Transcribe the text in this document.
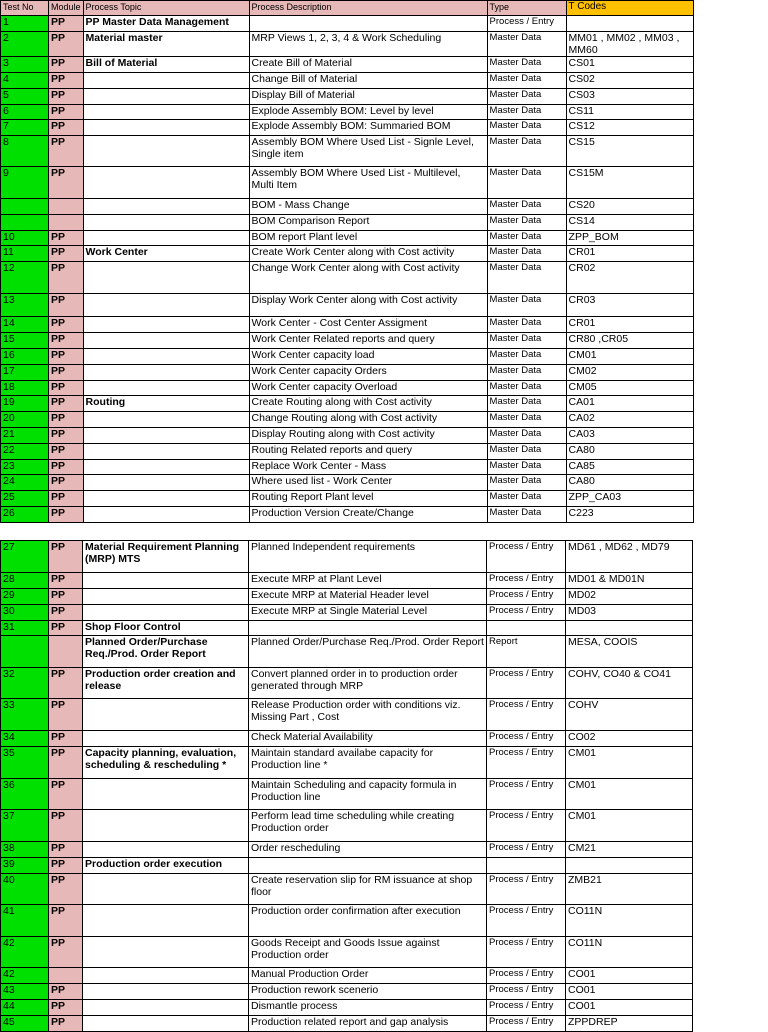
Test No	Module	Process Topic	Process Description	Type	T Codes
1	PP	PP Master Data Management		Process / Entry	
2	PP	Material master	MRP Views 1, 2, 3, 4 & Work Scheduling	Master Data	MM01 , MM02 , MM03 , MM60
3	PP	Bill of Material	Create Bill of Material	Master Data	CS01
4	PP		Change Bill of Material	Master Data	CS02
5	PP		Display Bill of Material	Master Data	CS03
6	PP		Explode Assembly BOM: Level by level	Master Data	CS11
7	PP		Explode Assembly BOM: Summaried BOM	Master Data	CS12
8	PP		Assembly BOM Where Used List - Signle Level, Single item	Master Data	CS15
9	PP		Assembly BOM Where Used List - Multilevel, Multi Item	Master Data	CS15M
			BOM - Mass Change	Master Data	CS20
			BOM Comparison Report	Master Data	CS14
10	PP		BOM report Plant level	Master Data	ZPP_BOM
11	PP	Work Center	Create Work Center along with Cost activity	Master Data	CR01
12	PP		Change Work Center along with Cost activity	Master Data	CR02
13	PP		Display Work Center along with Cost activity	Master Data	CR03
14	PP		Work Center - Cost Center Assigment	Master Data	CR01
15	PP		Work Center Related reports and query	Master Data	CR80 ,CR05
16	PP		Work Center capacity load	Master Data	CM01
17	PP		Work Center capacity Orders	Master Data	CM02
18	PP		Work Center capacity Overload	Master Data	CM05
19	PP	Routing	Create Routing along with Cost activity	Master Data	CA01
20	PP		Change Routing along with Cost activity	Master Data	CA02
21	PP		Display Routing along with Cost activity	Master Data	CA03
22	PP		Routing Related reports and query	Master Data	CA80
23	PP		Replace Work Center - Mass	Master Data	CA85
24	PP		Where used list - Work Center	Master Data	CA80
25	PP		Routing Report Plant level	Master Data	ZPP_CA03
26	PP		Production Version Create/Change	Master Data	C223
27	PP	Material Requirement Planning (MRP) MTS	Planned Independent requirements	Process / Entry	MD61 , MD62 , MD79
28	PP		Execute MRP at Plant Level	Process / Entry	MD01 & MD01N
29	PP		Execute MRP at Material Header level	Process / Entry	MD02
30	PP		Execute MRP at Single Material Level	Process / Entry	MD03
31	PP	Shop Floor Control			
		Planned Order/Purchase Req./Prod. Order Report	Planned Order/Purchase Req./Prod. Order Report	Report	MESA, COOIS
32	PP	Production order creation and release	Convert planned order in to production order generated through MRP	Process / Entry	COHV, CO40 & CO41
33	PP		Release Production order with conditions viz. Missing Part , Cost	Process / Entry	COHV
34	PP		Check Material Availability	Process / Entry	CO02
35	PP	Capacity planning, evaluation, scheduling & rescheduling *	Maintain standard availabe capacity for Production line *	Process / Entry	CM01
36	PP		Maintain Scheduling and capacity formula in Production line	Process / Entry	CM01
37	PP		Perform lead time scheduling while creating Production order	Process / Entry	CM01
38	PP		Order rescheduling	Process / Entry	CM21
39	PP	Production order execution			
40	PP		Create reservation slip for RM issuance at shop floor	Process / Entry	ZMB21
41	PP		Production order confirmation after execution	Process / Entry	CO11N
42	PP		Goods Receipt and Goods Issue against Production order	Process / Entry	CO11N
42			Manual Production Order	Process / Entry	CO01
43	PP		Production rework scenerio	Process / Entry	CO01
44	PP		Dismantle process	Process / Entry	CO01
45	PP		Production related report and gap analysis	Process / Entry	ZPPDREP
